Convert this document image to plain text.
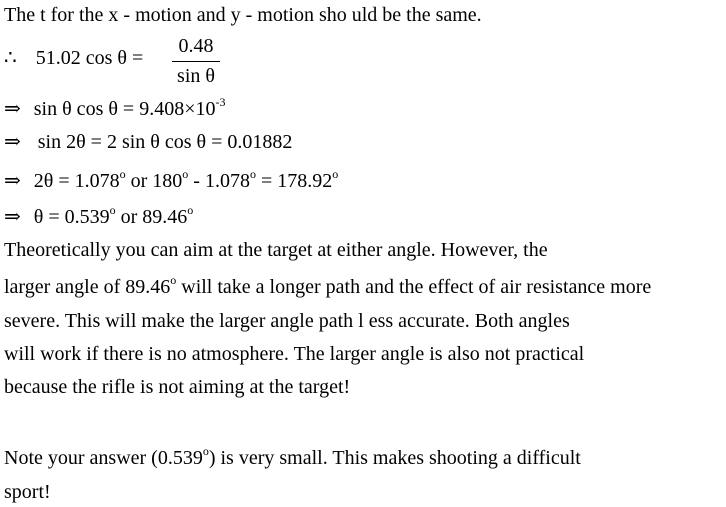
The t for the x - motion and y - motion sho uld be the same.
∴ 51.02 cos θ =
0.48
sin θ
⇒ sin θ $\cos \theta = 9.408\times 10^{-3}$
⇒ sin 2θ = 2 sin θ cos θ = 0.01882
⇒ $2\theta = 1.078^o$ or $180^o - 1.078^o = 178.92^o$
⇒ $\theta = 0.539^o$ or 89.46$^o$
Theoretically you can aim at the target at either angle. However, the
larger angle of 89.46$^o$ will take a longer path and the effect of air resistance more
severe. This will make the larger angle path l ess accurate. Both angles
will work if there is no atmosphere. The larger angle is also not practical
because the rifle is not aiming at the target!
Note your answer (0.539$^o$) is very small. This makes shooting a difficult
sport!
